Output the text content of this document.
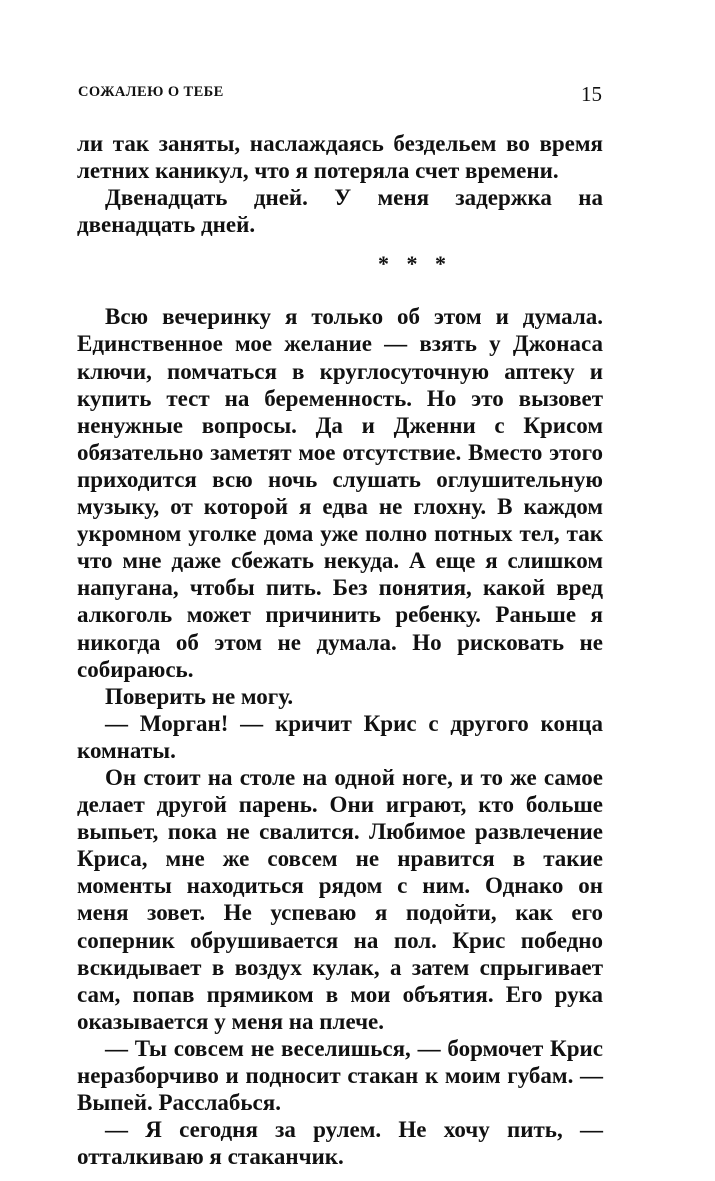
СОЖАЛЕЮ О ТЕБЕ	15

ли так заняты, наслаждаясь бездельем во время летних каникул, что я потеряла счет времени.

Двенадцать дней. У меня задержка на двенадцать дней.

* * *

Всю вечеринку я только об этом и думала. Единственное мое желание — взять у Джонаса ключи, помчаться в круглосуточную аптеку и купить тест на беременность. Но это вызовет ненужные вопросы. Да и Дженни с Крисом обязательно заметят мое отсутствие. Вместо этого приходится всю ночь слушать оглушительную музыку, от которой я едва не глохну. В каждом укромном уголке дома уже полно потных тел, так что мне даже сбежать некуда. А еще я слишком напугана, чтобы пить. Без понятия, какой вред алкоголь может причинить ребенку. Раньше я никогда об этом не думала. Но рисковать не собираюсь.

Поверить не могу.

— Морган! — кричит Крис с другого конца комнаты.

Он стоит на столе на одной ноге, и то же самое делает другой парень. Они играют, кто больше выпьет, пока не свалится. Любимое развлечение Криса, мне же совсем не нравится в такие моменты находиться рядом с ним. Однако он меня зовет. Не успеваю я подойти, как его соперник обрушивается на пол. Крис победно вскидывает в воздух кулак, а затем спрыгивает сам, попав прямиком в мои объятия. Его рука оказывается у меня на плече.

— Ты совсем не веселишься, — бормочет Крис неразборчиво и подносит стакан к моим губам. — Выпей. Расслабься.

— Я сегодня за рулем. Не хочу пить, — отталкиваю я стаканчик.
